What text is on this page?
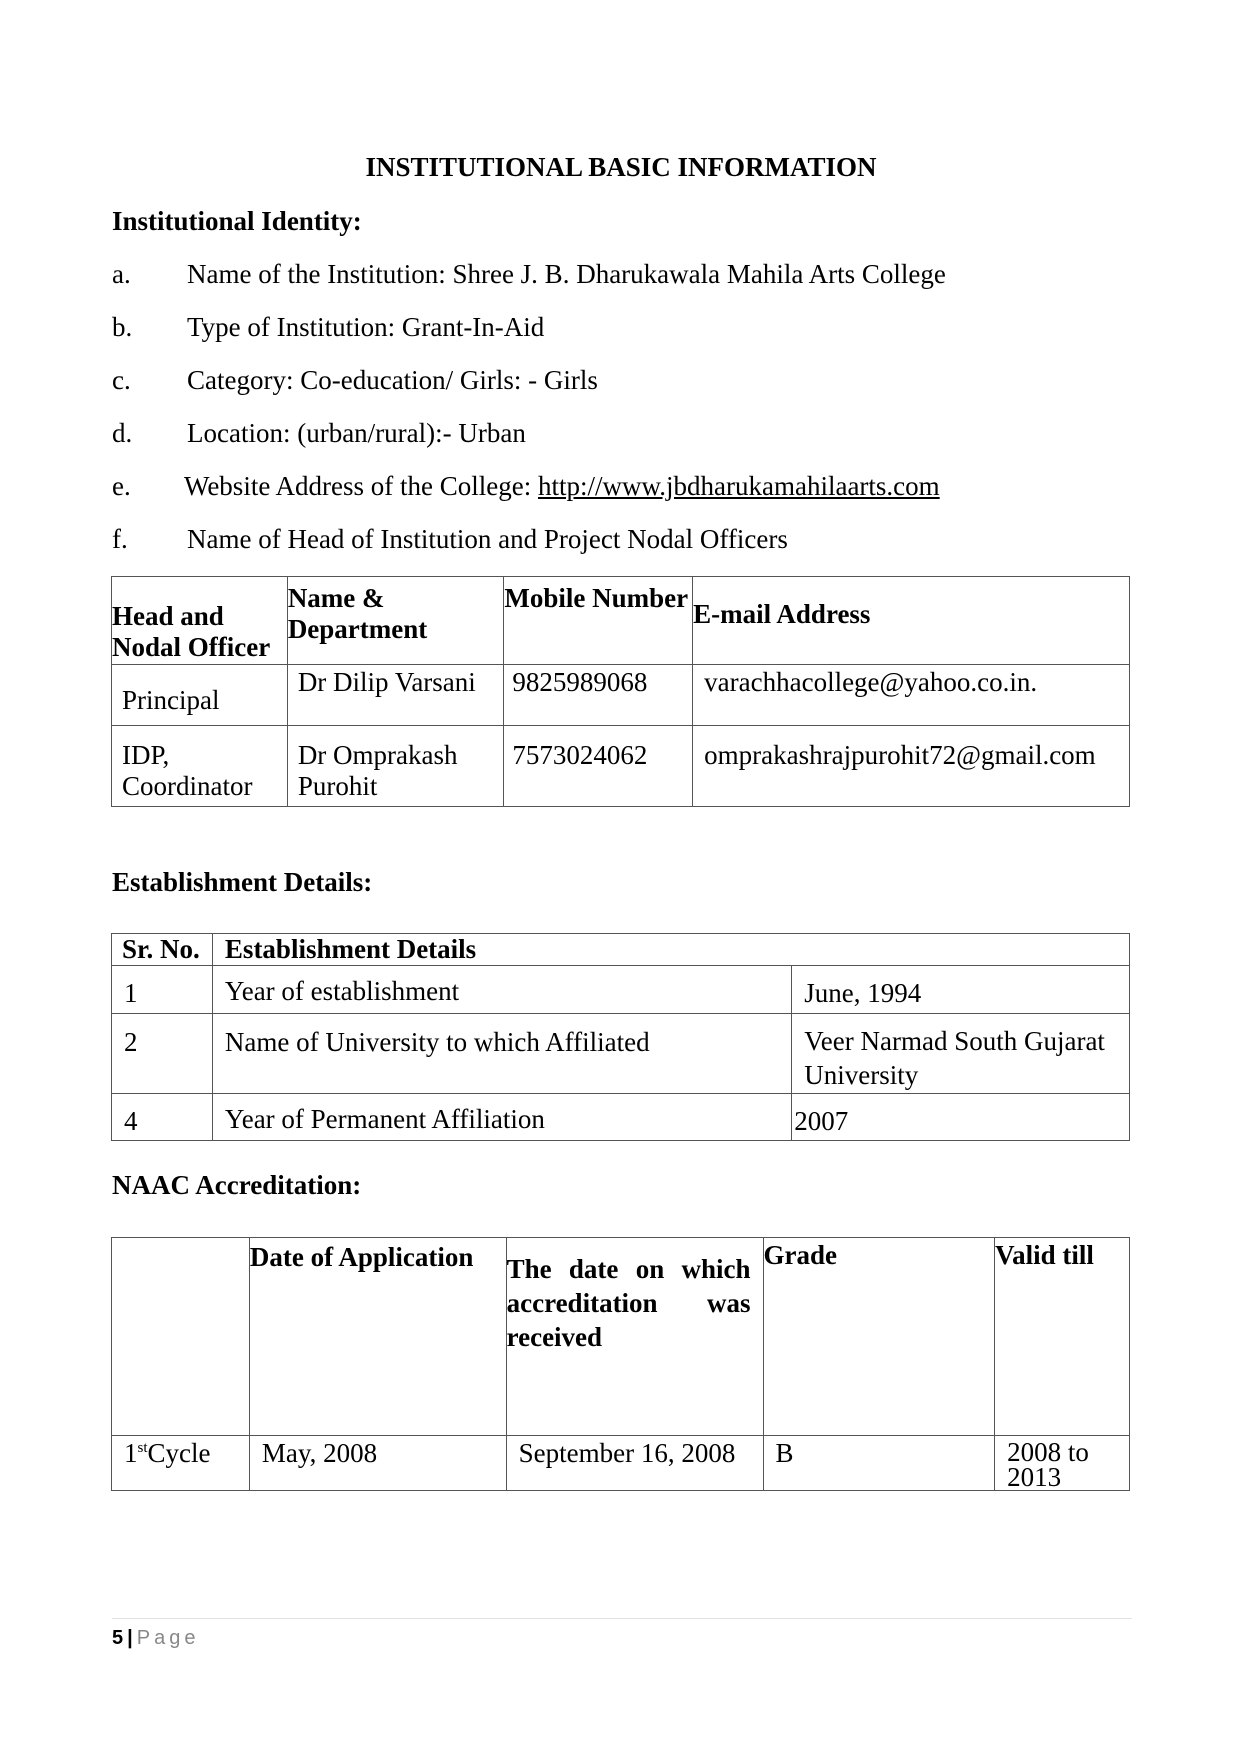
INSTITUTIONAL BASIC INFORMATION
Institutional Identity:
a. Name of the Institution: Shree J. B. Dharukawala Mahila Arts College
b. Type of Institution: Grant-In-Aid
c. Category: Co-education/ Girls: - Girls
d. Location: (urban/rural):- Urban
e. Website Address of the College: http://www.jbdharukamahilaarts.com
f. Name of Head of Institution and Project Nodal Officers
Head and Nodal Officer	Name & Department	Mobile Number	E-mail Address
Principal	Dr Dilip Varsani	9825989068	varachhacollege@yahoo.co.in.
IDP, Coordinator	Dr Omprakash Purohit	7573024062	omprakashrajpurohit72@gmail.com
Establishment Details:
Sr. No.	Establishment Details	
1	Year of establishment	June, 1994
2	Name of University to which Affiliated	Veer Narmad South Gujarat University
4	Year of Permanent Affiliation	2007
NAAC Accreditation:
	Date of Application	The date on which accreditation was received	Grade	Valid till
1stCycle	May, 2008	September 16, 2008	B	2008 to 2013
5 | Page
